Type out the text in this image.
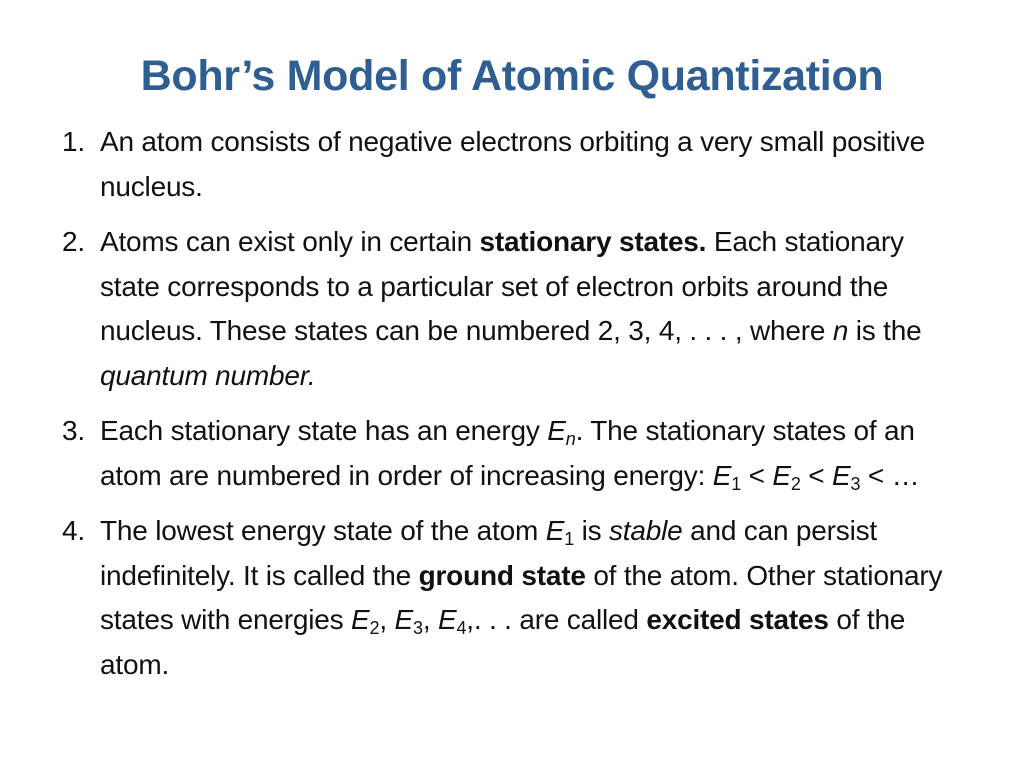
Bohr’s Model of Atomic Quantization
1. An atom consists of negative electrons orbiting a very small positive nucleus.
2. Atoms can exist only in certain stationary states. Each stationary state corresponds to a particular set of electron orbits around the nucleus. These states can be numbered 2, 3, 4, . . . , where n is the quantum number.
3. Each stationary state has an energy $E_n$. The stationary states of an atom are numbered in order of increasing energy: $E_1 < E_2 < E_3$ < …
4. The lowest energy state of the atom $E_1$ is stable and can persist indefinitely. It is called the ground state of the atom. Other stationary states with energies $E_2$, $E_3$, $E_4$,. . . are called excited states of the atom.
